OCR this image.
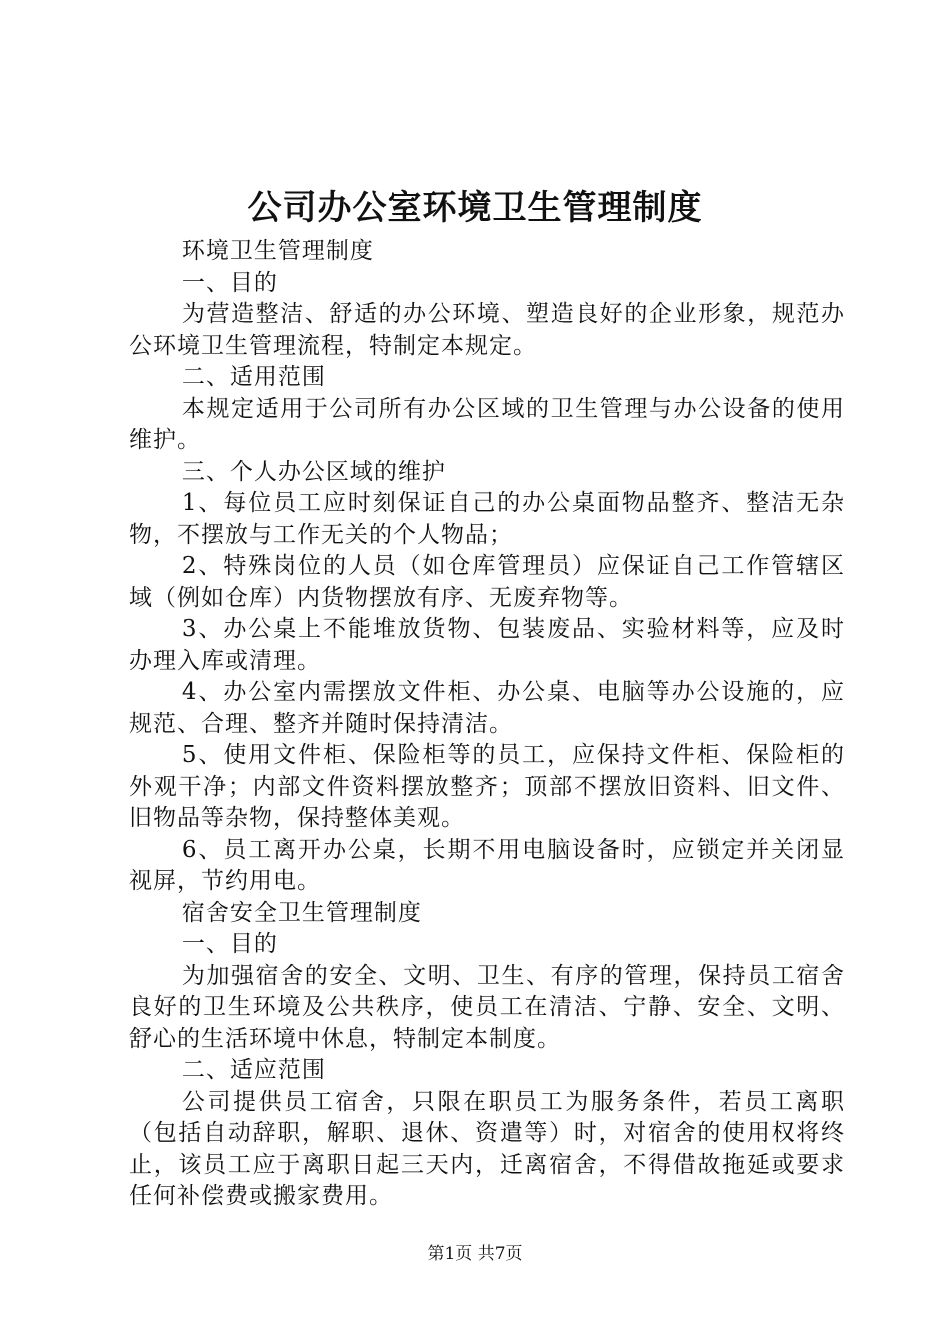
公司办公室环境卫生管理制度

环境卫生管理制度

一、目的

为营造整洁、舒适的办公环境、塑造良好的企业形象，规范办公环境卫生管理流程，特制定本规定。

二、适用范围

本规定适用于公司所有办公区域的卫生管理与办公设备的使用维护。

三、个人办公区域的维护

1、每位员工应时刻保证自己的办公桌面物品整齐、整洁无杂物，不摆放与工作无关的个人物品；

2、特殊岗位的人员（如仓库管理员）应保证自己工作管辖区域（例如仓库）内货物摆放有序、无废弃物等。

3、办公桌上不能堆放货物、包装废品、实验材料等，应及时办理入库或清理。

4、办公室内需摆放文件柜、办公桌、电脑等办公设施的，应规范、合理、整齐并随时保持清洁。

5、使用文件柜、保险柜等的员工，应保持文件柜、保险柜的外观干净；内部文件资料摆放整齐；顶部不摆放旧资料、旧文件、旧物品等杂物，保持整体美观。

6、员工离开办公桌，长期不用电脑设备时，应锁定并关闭显视屏，节约用电。

宿舍安全卫生管理制度

一、目的

为加强宿舍的安全、文明、卫生、有序的管理，保持员工宿舍良好的卫生环境及公共秩序，使员工在清洁、宁静、安全、文明、舒心的生活环境中休息，特制定本制度。

二、适应范围

公司提供员工宿舍，只限在职员工为服务条件，若员工离职（包括自动辞职，解职、退休、资遣等）时，对宿舍的使用权将终止，该员工应于离职日起三天内，迁离宿舍，不得借故拖延或要求任何补偿费或搬家费用。

第1页 共7页
